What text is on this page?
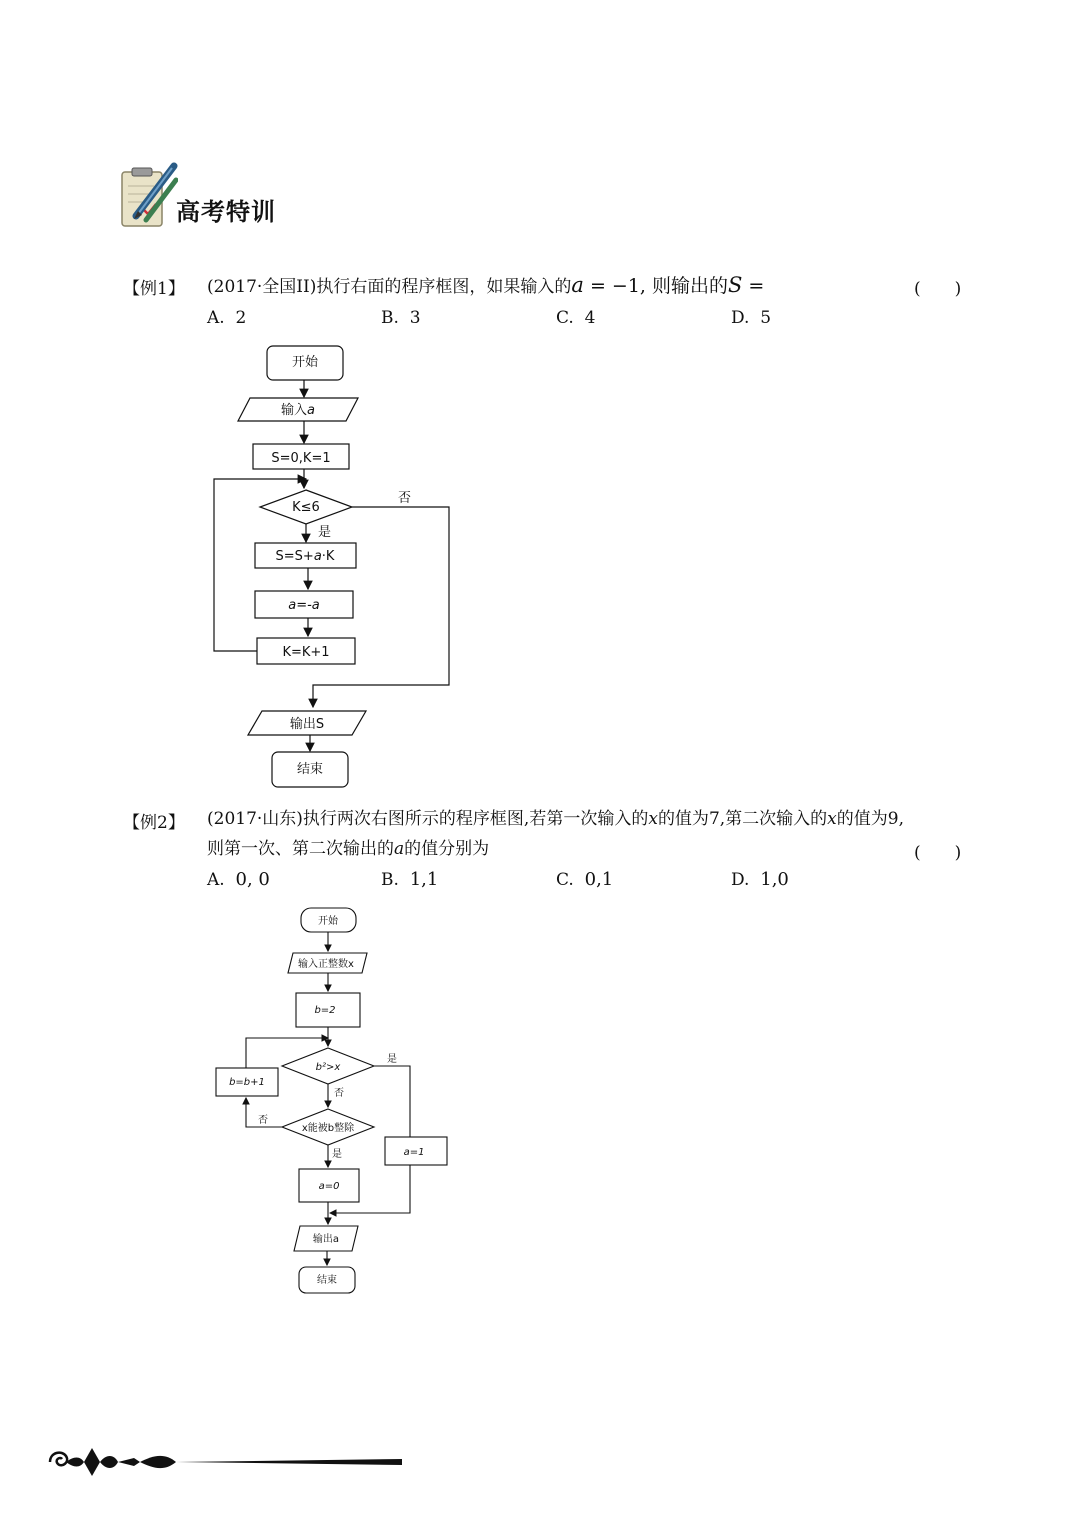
高考特训
【例1】 (2017·全国II)执行右面的程序框图，如果输入的a = −1, 则输出的S =	(　　)
A. 2	B. 3	C. 4	D. 5
开始
输入a
S=0,K=1
K≤6
是
否
S=S+a·K
a=-a
K=K+1
输出S
结束
【例2】 (2017·山东)执行两次右图所示的程序框图,若第一次输入的x的值为7,第二次输入的x的值为9,
则第一次、第二次输出的a的值分别为	(　　)
A. 0, 0	B. 1,1	C. 0,1	D. 1,0
开始
输入正整数x
b=2
b²>x
否
是
x能被b整除
否
是
b=b+1
a=0
a=1
输出a
结束
